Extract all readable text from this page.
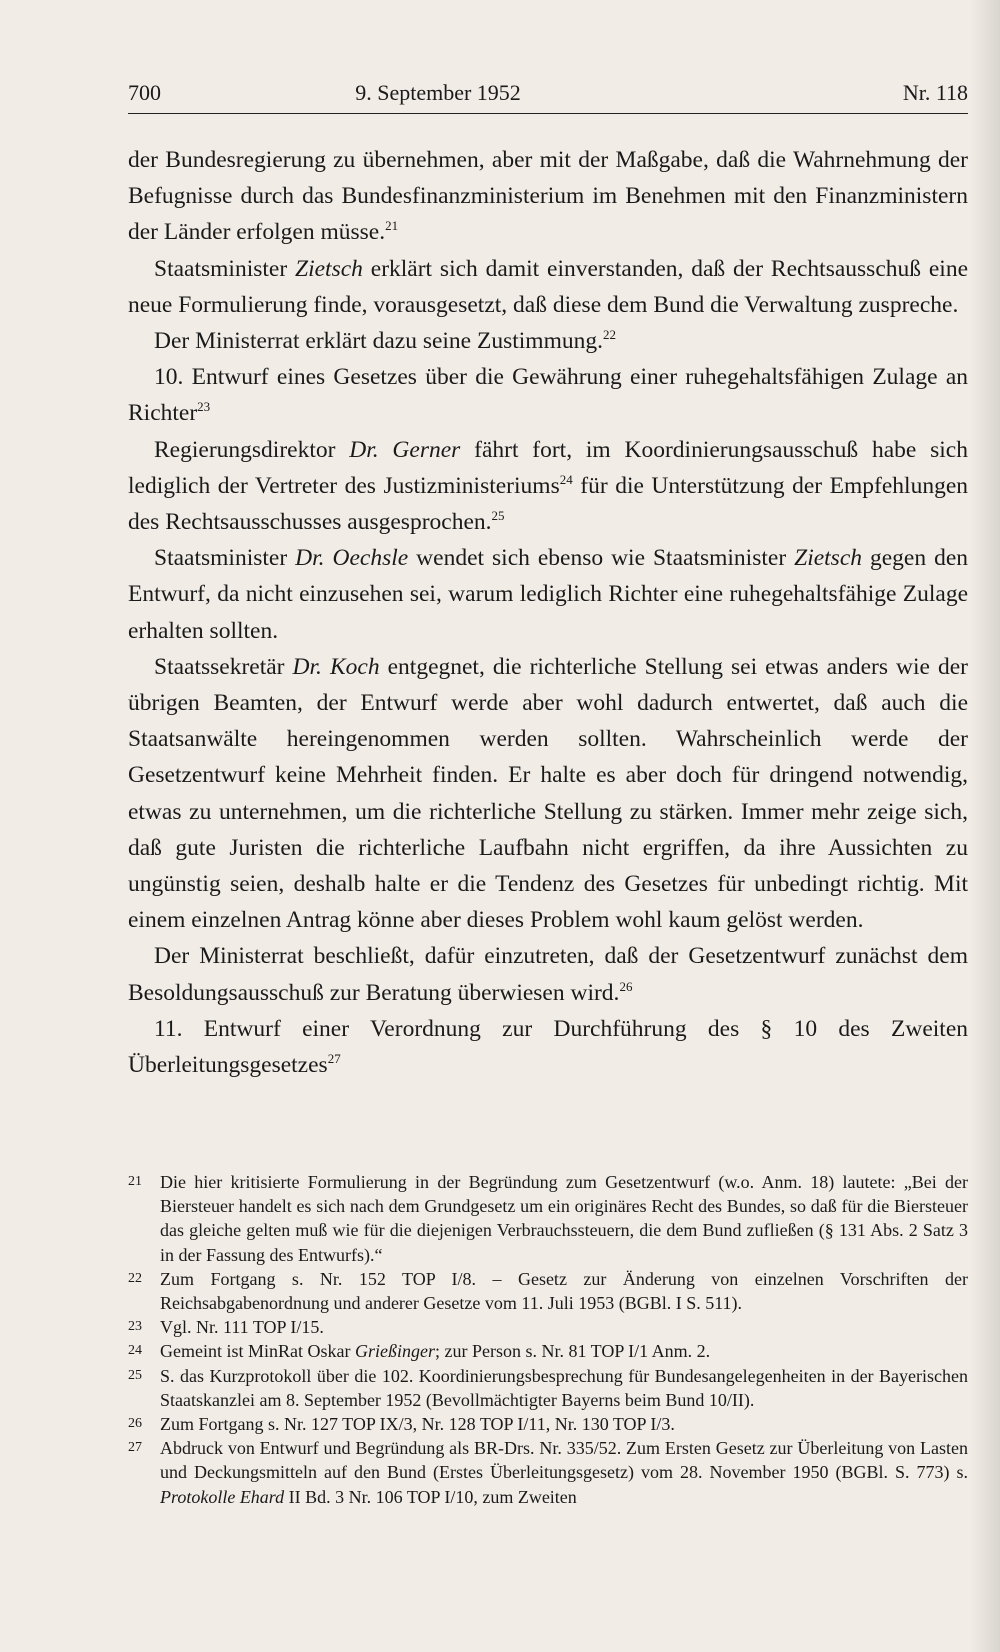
700	9. September 1952	Nr. 118

der Bundesregierung zu übernehmen, aber mit der Maßgabe, daß die Wahrnehmung der Befugnisse durch das Bundesfinanzministerium im Benehmen mit den Finanzministern der Länder erfolgen müsse.$^{21}$

Staatsminister Zietsch erklärt sich damit einverstanden, daß der Rechtsausschuß eine neue Formulierung finde, vorausgesetzt, daß diese dem Bund die Verwaltung zuspreche.

Der Ministerrat erklärt dazu seine Zustimmung.$^{22}$

10. Entwurf eines Gesetzes über die Gewährung einer ruhegehaltsfähigen Zulage an Richter$^{23}$

Regierungsdirektor Dr. Gerner fährt fort, im Koordinierungsausschuß habe sich lediglich der Vertreter des Justizministeriums$^{24}$ für die Unterstützung der Empfehlungen des Rechtsausschusses ausgesprochen.$^{25}$

Staatsminister Dr. Oechsle wendet sich ebenso wie Staatsminister Zietsch gegen den Entwurf, da nicht einzusehen sei, warum lediglich Richter eine ruhegehaltsfähige Zulage erhalten sollten.

Staatssekretär Dr. Koch entgegnet, die richterliche Stellung sei etwas anders wie der übrigen Beamten, der Entwurf werde aber wohl dadurch entwertet, daß auch die Staatsanwälte hereingenommen werden sollten. Wahrscheinlich werde der Gesetzentwurf keine Mehrheit finden. Er halte es aber doch für dringend notwendig, etwas zu unternehmen, um die richterliche Stellung zu stärken. Immer mehr zeige sich, daß gute Juristen die richterliche Laufbahn nicht ergriffen, da ihre Aussichten zu ungünstig seien, deshalb halte er die Tendenz des Gesetzes für unbedingt richtig. Mit einem einzelnen Antrag könne aber dieses Problem wohl kaum gelöst werden.

Der Ministerrat beschließt, dafür einzutreten, daß der Gesetzentwurf zunächst dem Besoldungsausschuß zur Beratung überwiesen wird.$^{26}$

11. Entwurf einer Verordnung zur Durchführung des § 10 des Zweiten Überleitungsgesetzes$^{27}$

21 Die hier kritisierte Formulierung in der Begründung zum Gesetzentwurf (w.o. Anm. 18) lautete: „Bei der Biersteuer handelt es sich nach dem Grundgesetz um ein originäres Recht des Bundes, so daß für die Biersteuer das gleiche gelten muß wie für die diejenigen Verbrauchssteuern, die dem Bund zufließen (§ 131 Abs. 2 Satz 3 in der Fassung des Entwurfs).“
22 Zum Fortgang s. Nr. 152 TOP I/8. – Gesetz zur Änderung von einzelnen Vorschriften der Reichsabgabenordnung und anderer Gesetze vom 11. Juli 1953 (BGBl. I S. 511).
23 Vgl. Nr. 111 TOP I/15.
24 Gemeint ist MinRat Oskar Grießinger; zur Person s. Nr. 81 TOP I/1 Anm. 2.
25 S. das Kurzprotokoll über die 102. Koordinierungsbesprechung für Bundesangelegenheiten in der Bayerischen Staatskanzlei am 8. September 1952 (Bevollmächtigter Bayerns beim Bund 10/II).
26 Zum Fortgang s. Nr. 127 TOP IX/3, Nr. 128 TOP I/11, Nr. 130 TOP I/3.
27 Abdruck von Entwurf und Begründung als BR-Drs. Nr. 335/52. Zum Ersten Gesetz zur Überleitung von Lasten und Deckungsmitteln auf den Bund (Erstes Überleitungsgesetz) vom 28. November 1950 (BGBl. S. 773) s. Protokolle Ehard II Bd. 3 Nr. 106 TOP I/10, zum Zweiten
